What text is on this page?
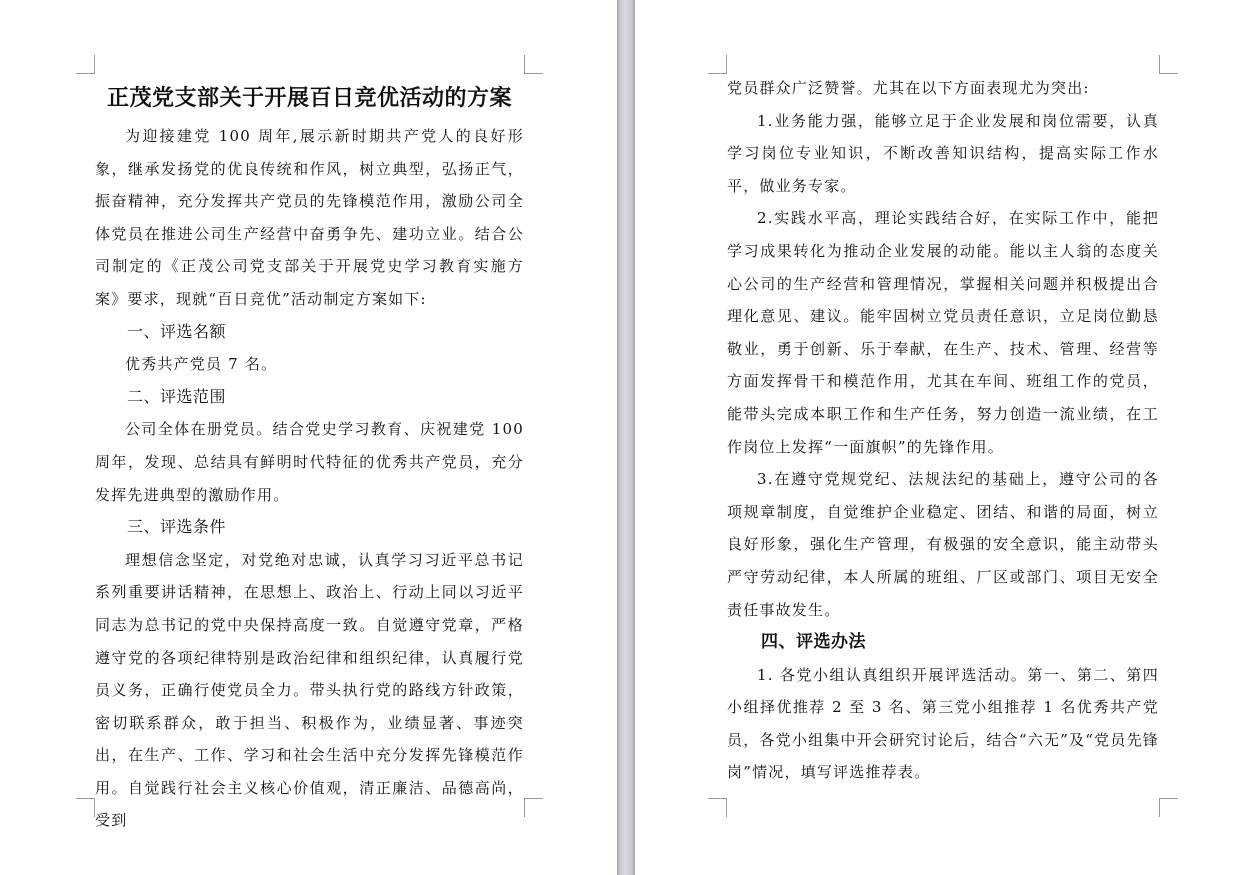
正茂党支部关于开展百日竞优活动的方案

为迎接建党 100 周年,展示新时期共产党人的良好形象，继承发扬党的优良传统和作风，树立典型，弘扬正气，振奋精神，充分发挥共产党员的先锋模范作用，激励公司全体党员在推进公司生产经营中奋勇争先、建功立业。结合公司制定的《正茂公司党支部关于开展党史学习教育实施方案》要求，现就“百日竞优”活动制定方案如下:

一、评选名额

优秀共产党员 7 名。

二、评选范围

公司全体在册党员。结合党史学习教育、庆祝建党 100 周年，发现、总结具有鲜明时代特征的优秀共产党员，充分发挥先进典型的激励作用。

三、评选条件

理想信念坚定，对党绝对忠诚，认真学习习近平总书记系列重要讲话精神，在思想上、政治上、行动上同以习近平同志为总书记的党中央保持高度一致。自觉遵守党章，严格遵守党的各项纪律特别是政治纪律和组织纪律，认真履行党员义务，正确行使党员全力。带头执行党的路线方针政策，密切联系群众，敢于担当、积极作为，业绩显著、事迹突出，在生产、工作、学习和社会生活中充分发挥先锋模范作用。自觉践行社会主义核心价值观，清正廉洁、品德高尚，受到

党员群众广泛赞誉。尤其在以下方面表现尤为突出:

1.业务能力强，能够立足于企业发展和岗位需要，认真学习岗位专业知识，不断改善知识结构，提高实际工作水平，做业务专家。

2.实践水平高，理论实践结合好，在实际工作中，能把学习成果转化为推动企业发展的动能。能以主人翁的态度关心公司的生产经营和管理情况，掌握相关问题并积极提出合理化意见、建议。能牢固树立党员责任意识，立足岗位勤恳敬业，勇于创新、乐于奉献，在生产、技术、管理、经营等方面发挥骨干和模范作用，尤其在车间、班组工作的党员，能带头完成本职工作和生产任务，努力创造一流业绩，在工作岗位上发挥“一面旗帜”的先锋作用。

3.在遵守党规党纪、法规法纪的基础上，遵守公司的各项规章制度，自觉维护企业稳定、团结、和谐的局面，树立良好形象，强化生产管理，有极强的安全意识，能主动带头严守劳动纪律，本人所属的班组、厂区或部门、项目无安全责任事故发生。

四、评选办法

1. 各党小组认真组织开展评选活动。第一、第二、第四小组择优推荐 2 至 3 名、第三党小组推荐 1 名优秀共产党员，各党小组集中开会研究讨论后，结合“六无”及“党员先锋岗”情况，填写评选推荐表。
